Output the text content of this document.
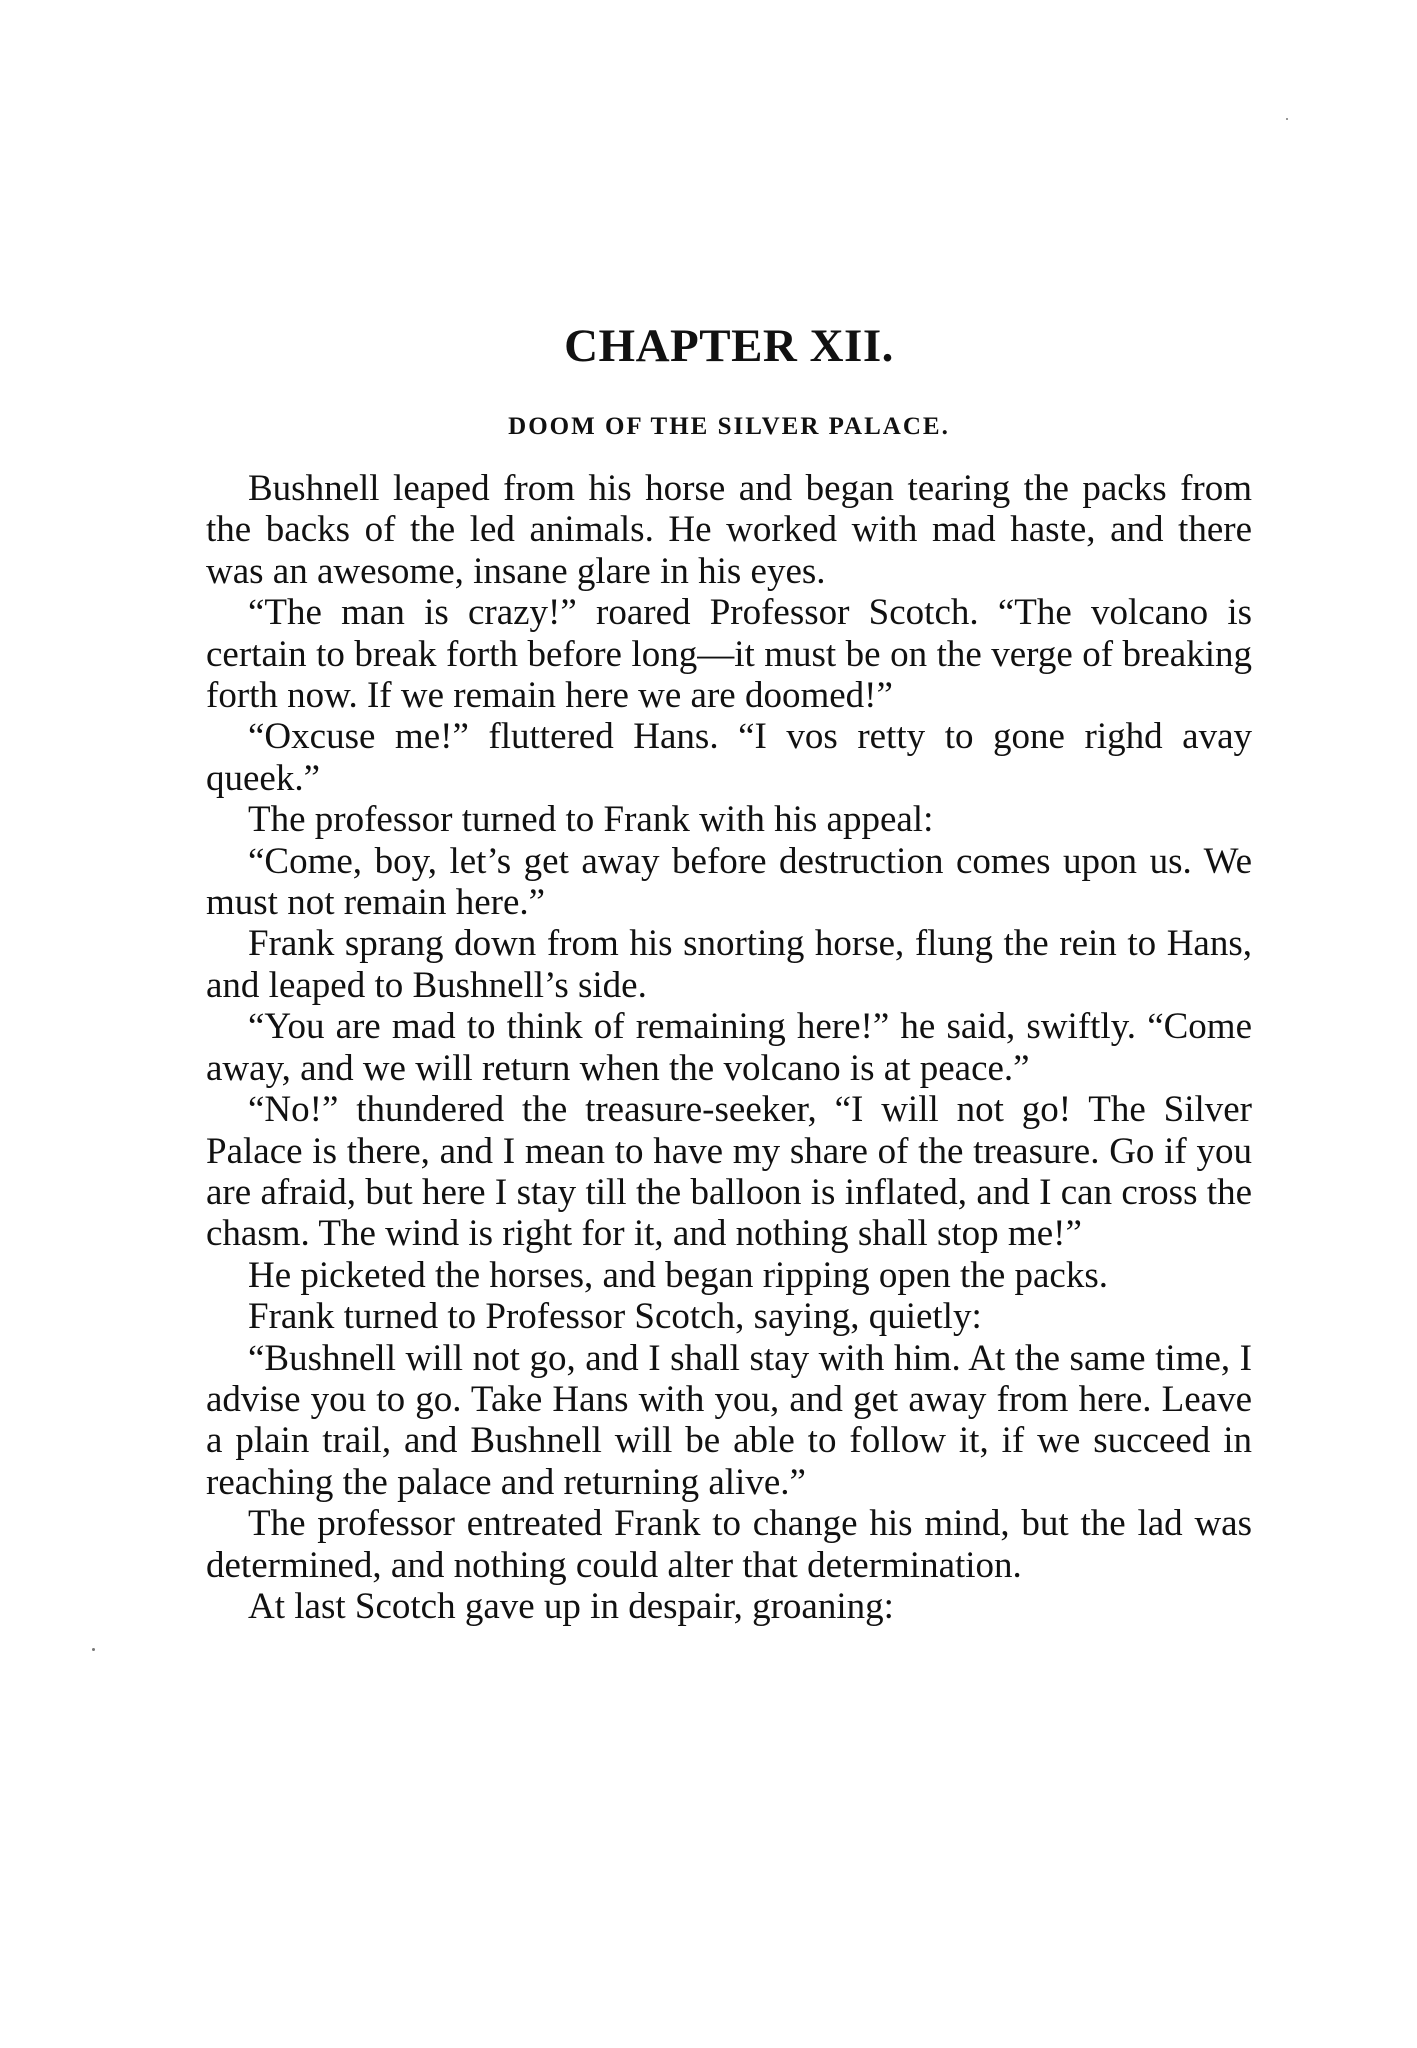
CHAPTER XII.
DOOM OF THE SILVER PALACE.

Bushnell leaped from his horse and began tearing the packs from the backs of the led animals. He worked with mad haste, and there was an awesome, insane glare in his eyes.

“The man is crazy!” roared Professor Scotch. “The volcano is certain to break forth before long—it must be on the verge of breaking forth now. If we remain here we are doomed!”

“Oxcuse me!” fluttered Hans. “I vos retty to gone righd avay queek.”

The professor turned to Frank with his appeal:

“Come, boy, let’s get away before destruction comes upon us. We must not remain here.”

Frank sprang down from his snorting horse, flung the rein to Hans, and leaped to Bushnell’s side.

“You are mad to think of remaining here!” he said, swiftly. “Come away, and we will return when the volcano is at peace.”

“No!” thundered the treasure-seeker, “I will not go! The Silver Palace is there, and I mean to have my share of the treasure. Go if you are afraid, but here I stay till the balloon is inflated, and I can cross the chasm. The wind is right for it, and nothing shall stop me!”

He picketed the horses, and began ripping open the packs.

Frank turned to Professor Scotch, saying, quietly:

“Bushnell will not go, and I shall stay with him. At the same time, I advise you to go. Take Hans with you, and get away from here. Leave a plain trail, and Bushnell will be able to follow it, if we succeed in reaching the palace and returning alive.”

The professor entreated Frank to change his mind, but the lad was determined, and nothing could alter that determination.

At last Scotch gave up in despair, groaning:
